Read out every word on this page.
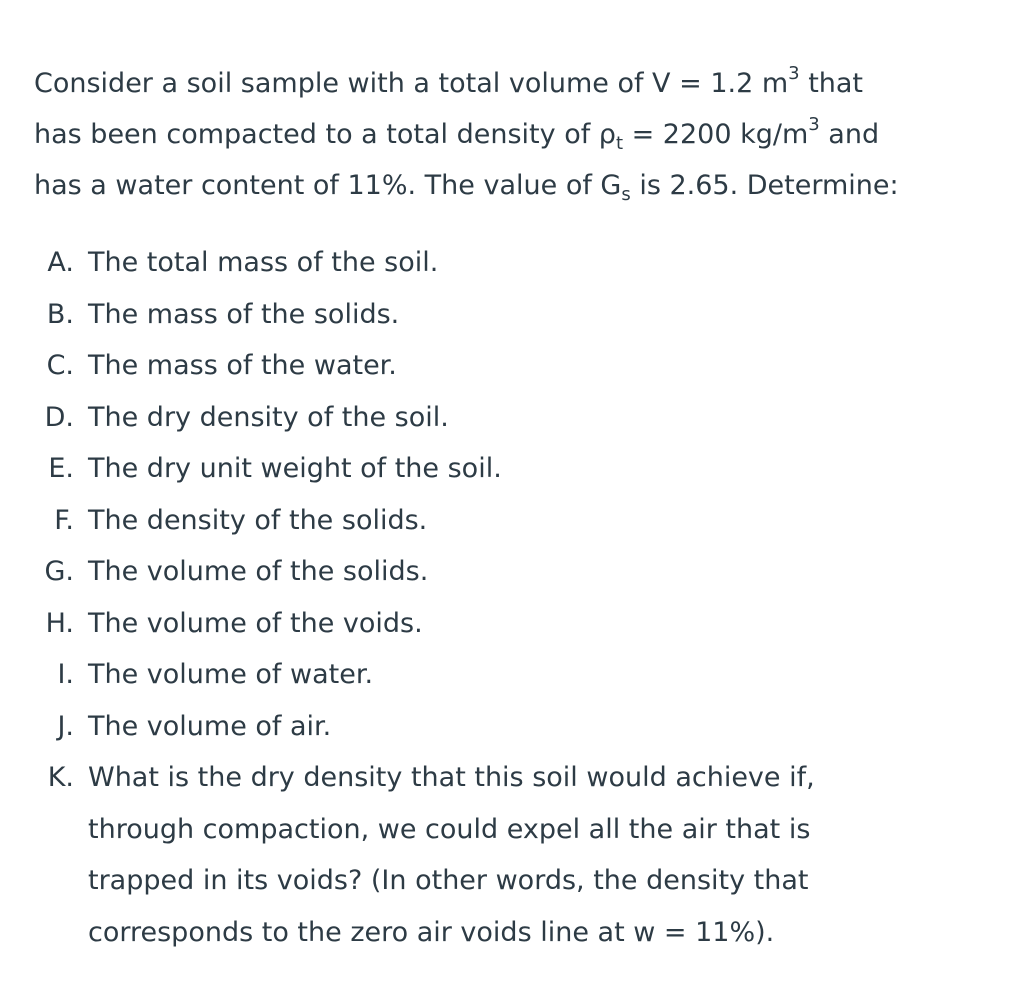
Consider a soil sample with a total volume of V = 1.2 $m^3$ that
has been compacted to a total density of $\rho_t = 2200$ $kg/m^3$ and
has a water content of 11%. The value of $G_s$ is 2.65. Determine:

A. The total mass of the soil.
B. The mass of the solids.
C. The mass of the water.
D. The dry density of the soil.
E. The dry unit weight of the soil.
F. The density of the solids.
G. The volume of the solids.
H. The volume of the voids.
I. The volume of water.
J. The volume of air.
K. What is the dry density that this soil would achieve if, through compaction, we could expel all the air that is trapped in its voids? (In other words, the density that corresponds to the zero air voids line at w = 11%).
